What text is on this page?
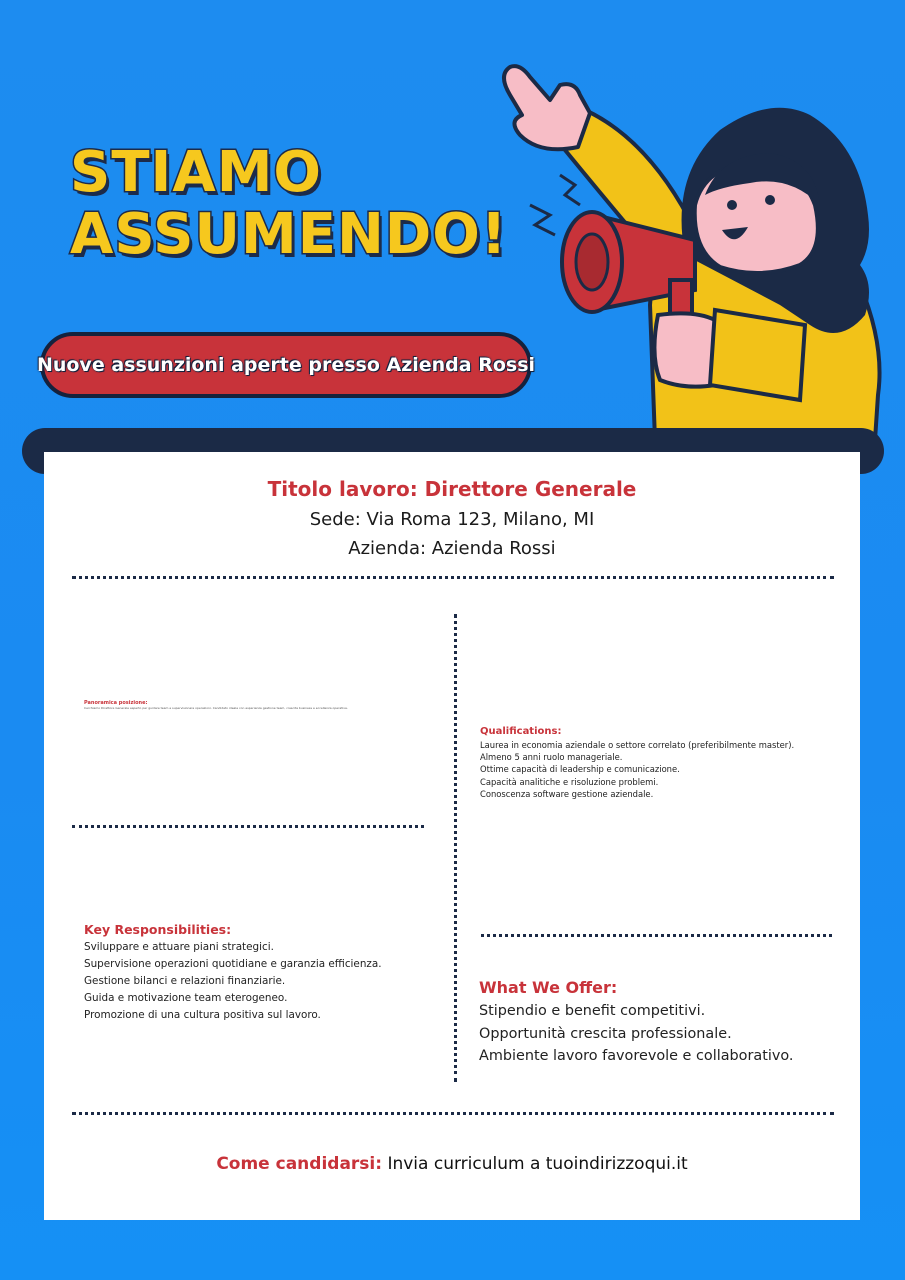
STIAMO
ASSUMENDO!
Nuove assunzioni aperte presso Azienda Rossi
Titolo lavoro: Direttore Generale
Sede: Via Roma 123, Milano, MI
Azienda: Azienda Rossi

Panoramica posizione:

Cerchiamo Direttore Generale esperto per guidare team e supervisionare operazioni. Candidato ideale con esperienza gestione team, crescita business e eccellenza operativa.

Qualifications:

Laurea in economia aziendale o settore correlato (preferibilmente master).

Almeno 5 anni ruolo manageriale.

Ottime capacità di leadership e comunicazione.

Capacità analitiche e risoluzione problemi.

Conoscenza software gestione aziendale.

Key Responsibilities:

Sviluppare e attuare piani strategici.

Supervisione operazioni quotidiane e garanzia efficienza.

Gestione bilanci e relazioni finanziarie.

Guida e motivazione team eterogeneo.

Promozione di una cultura positiva sul lavoro.

What We Offer:

Stipendio e benefit competitivi.

Opportunità crescita professionale.

Ambiente lavoro favorevole e collaborativo.

Come candidarsi: Invia curriculum a tuoindirizzoqui.it
